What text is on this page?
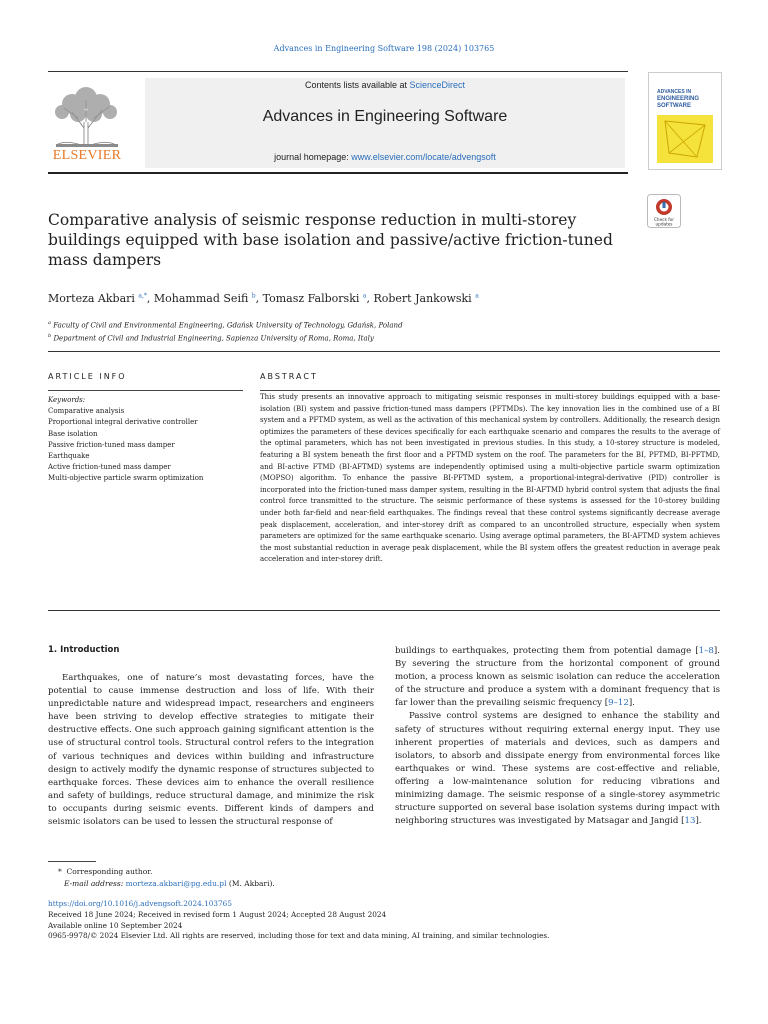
Advances in Engineering Software 198 (2024) 103765
ELSEVIER
Contents lists available at ScienceDirect
Advances in Engineering Software
journal homepage: www.elsevier.com/locate/advengsoft
ADVANCES IN
ENGINEERING
SOFTWARE
Check for
updates
Comparative analysis of seismic response reduction in multi-storey
buildings equipped with base isolation and passive/active friction-tuned
mass dampers
Morteza Akbari $^{a,*}$, Mohammad Seifi $^b$, Tomasz Falborski $^a$, Robert Jankowski $^a$
$^a$ Faculty of Civil and Environmental Engineering, Gdańsk University of Technology, Gdańsk, Poland
$^b$ Department of Civil and Industrial Engineering, Sapienza University of Roma, Roma, Italy
ARTICLE INFO	ABSTRACT
Keywords:
Comparative analysis
Proportional integral derivative controller
Base isolation
Passive friction-tuned mass damper
Earthquake
Active friction-tuned mass damper
Multi-objective particle swarm optimization
This study presents an innovative approach to mitigating seismic responses in multi-storey buildings equipped with a base-isolation (BI) system and passive friction-tuned mass dampers (PFTMDs). The key innovation lies in the combined use of a BI system and a PFTMD system, as well as the activation of this mechanical system by controllers. Additionally, the research design optimizes the parameters of these devices specifically for each earthquake scenario and compares the results to the average of the optimal parameters, which has not been investigated in previous studies. In this study, a 10-storey structure is modeled, featuring a BI system beneath the first floor and a PFTMD system on the roof. The parameters for the BI, PFTMD, BI-PFTMD, and BI-active FTMD (BI-AFTMD) systems are independently optimised using a multi-objective particle swarm optimization (MOPSO) algorithm. To enhance the passive BI-PFTMD system, a proportional-integral-derivative (PID) controller is incorporated into the friction-tuned mass damper system, resulting in the BI-AFTMD hybrid control system that adjusts the final control force transmitted to the structure. The seismic performance of these systems is assessed for the 10-storey building under both far-field and near-field earthquakes. The findings reveal that these control systems significantly decrease average peak displacement, acceleration, and inter-storey drift as compared to an uncontrolled structure, especially when system parameters are optimized for the same earthquake scenario. Using average optimal parameters, the BI-AFTMD system achieves the most substantial reduction in average peak displacement, while the BI system offers the greatest reduction in average peak acceleration and inter-storey drift.
1. Introduction

Earthquakes, one of nature’s most devastating forces, have the potential to cause immense destruction and loss of life. With their unpredictable nature and widespread impact, researchers and engineers have been striving to develop effective strategies to mitigate their destructive effects. One such approach gaining significant attention is the use of structural control tools. Structural control refers to the integration of various techniques and devices within building and infrastructure design to actively modify the dynamic response of structures subjected to earthquake forces. These devices aim to enhance the overall resilience and safety of buildings, reduce structural damage, and minimize the risk to occupants during seismic events. Different kinds of dampers and seismic isolators can be used to lessen the structural response of

buildings to earthquakes, protecting them from potential damage [1–8]. By severing the structure from the horizontal component of ground motion, a process known as seismic isolation can reduce the acceleration of the structure and produce a system with a dominant frequency that is far lower than the prevailing seismic frequency [9–12].

Passive control systems are designed to enhance the stability and safety of structures without requiring external energy input. They use inherent properties of materials and devices, such as dampers and isolators, to absorb and dissipate energy from environmental forces like earthquakes or wind. These systems are cost-effective and reliable, offering a low-maintenance solution for reducing vibrations and minimizing damage. The seismic response of a single-storey asymmetric structure supported on several base isolation systems during impact with neighboring structures was investigated by Matsagar and Jangid [13].

* Corresponding author.
E-mail address: morteza.akbari@pg.edu.pl (M. Akbari).
https://doi.org/10.1016/j.advengsoft.2024.103765
Received 18 June 2024; Received in revised form 1 August 2024; Accepted 28 August 2024
Available online 10 September 2024
0965-9978/© 2024 Elsevier Ltd. All rights are reserved, including those for text and data mining, AI training, and similar technologies.
